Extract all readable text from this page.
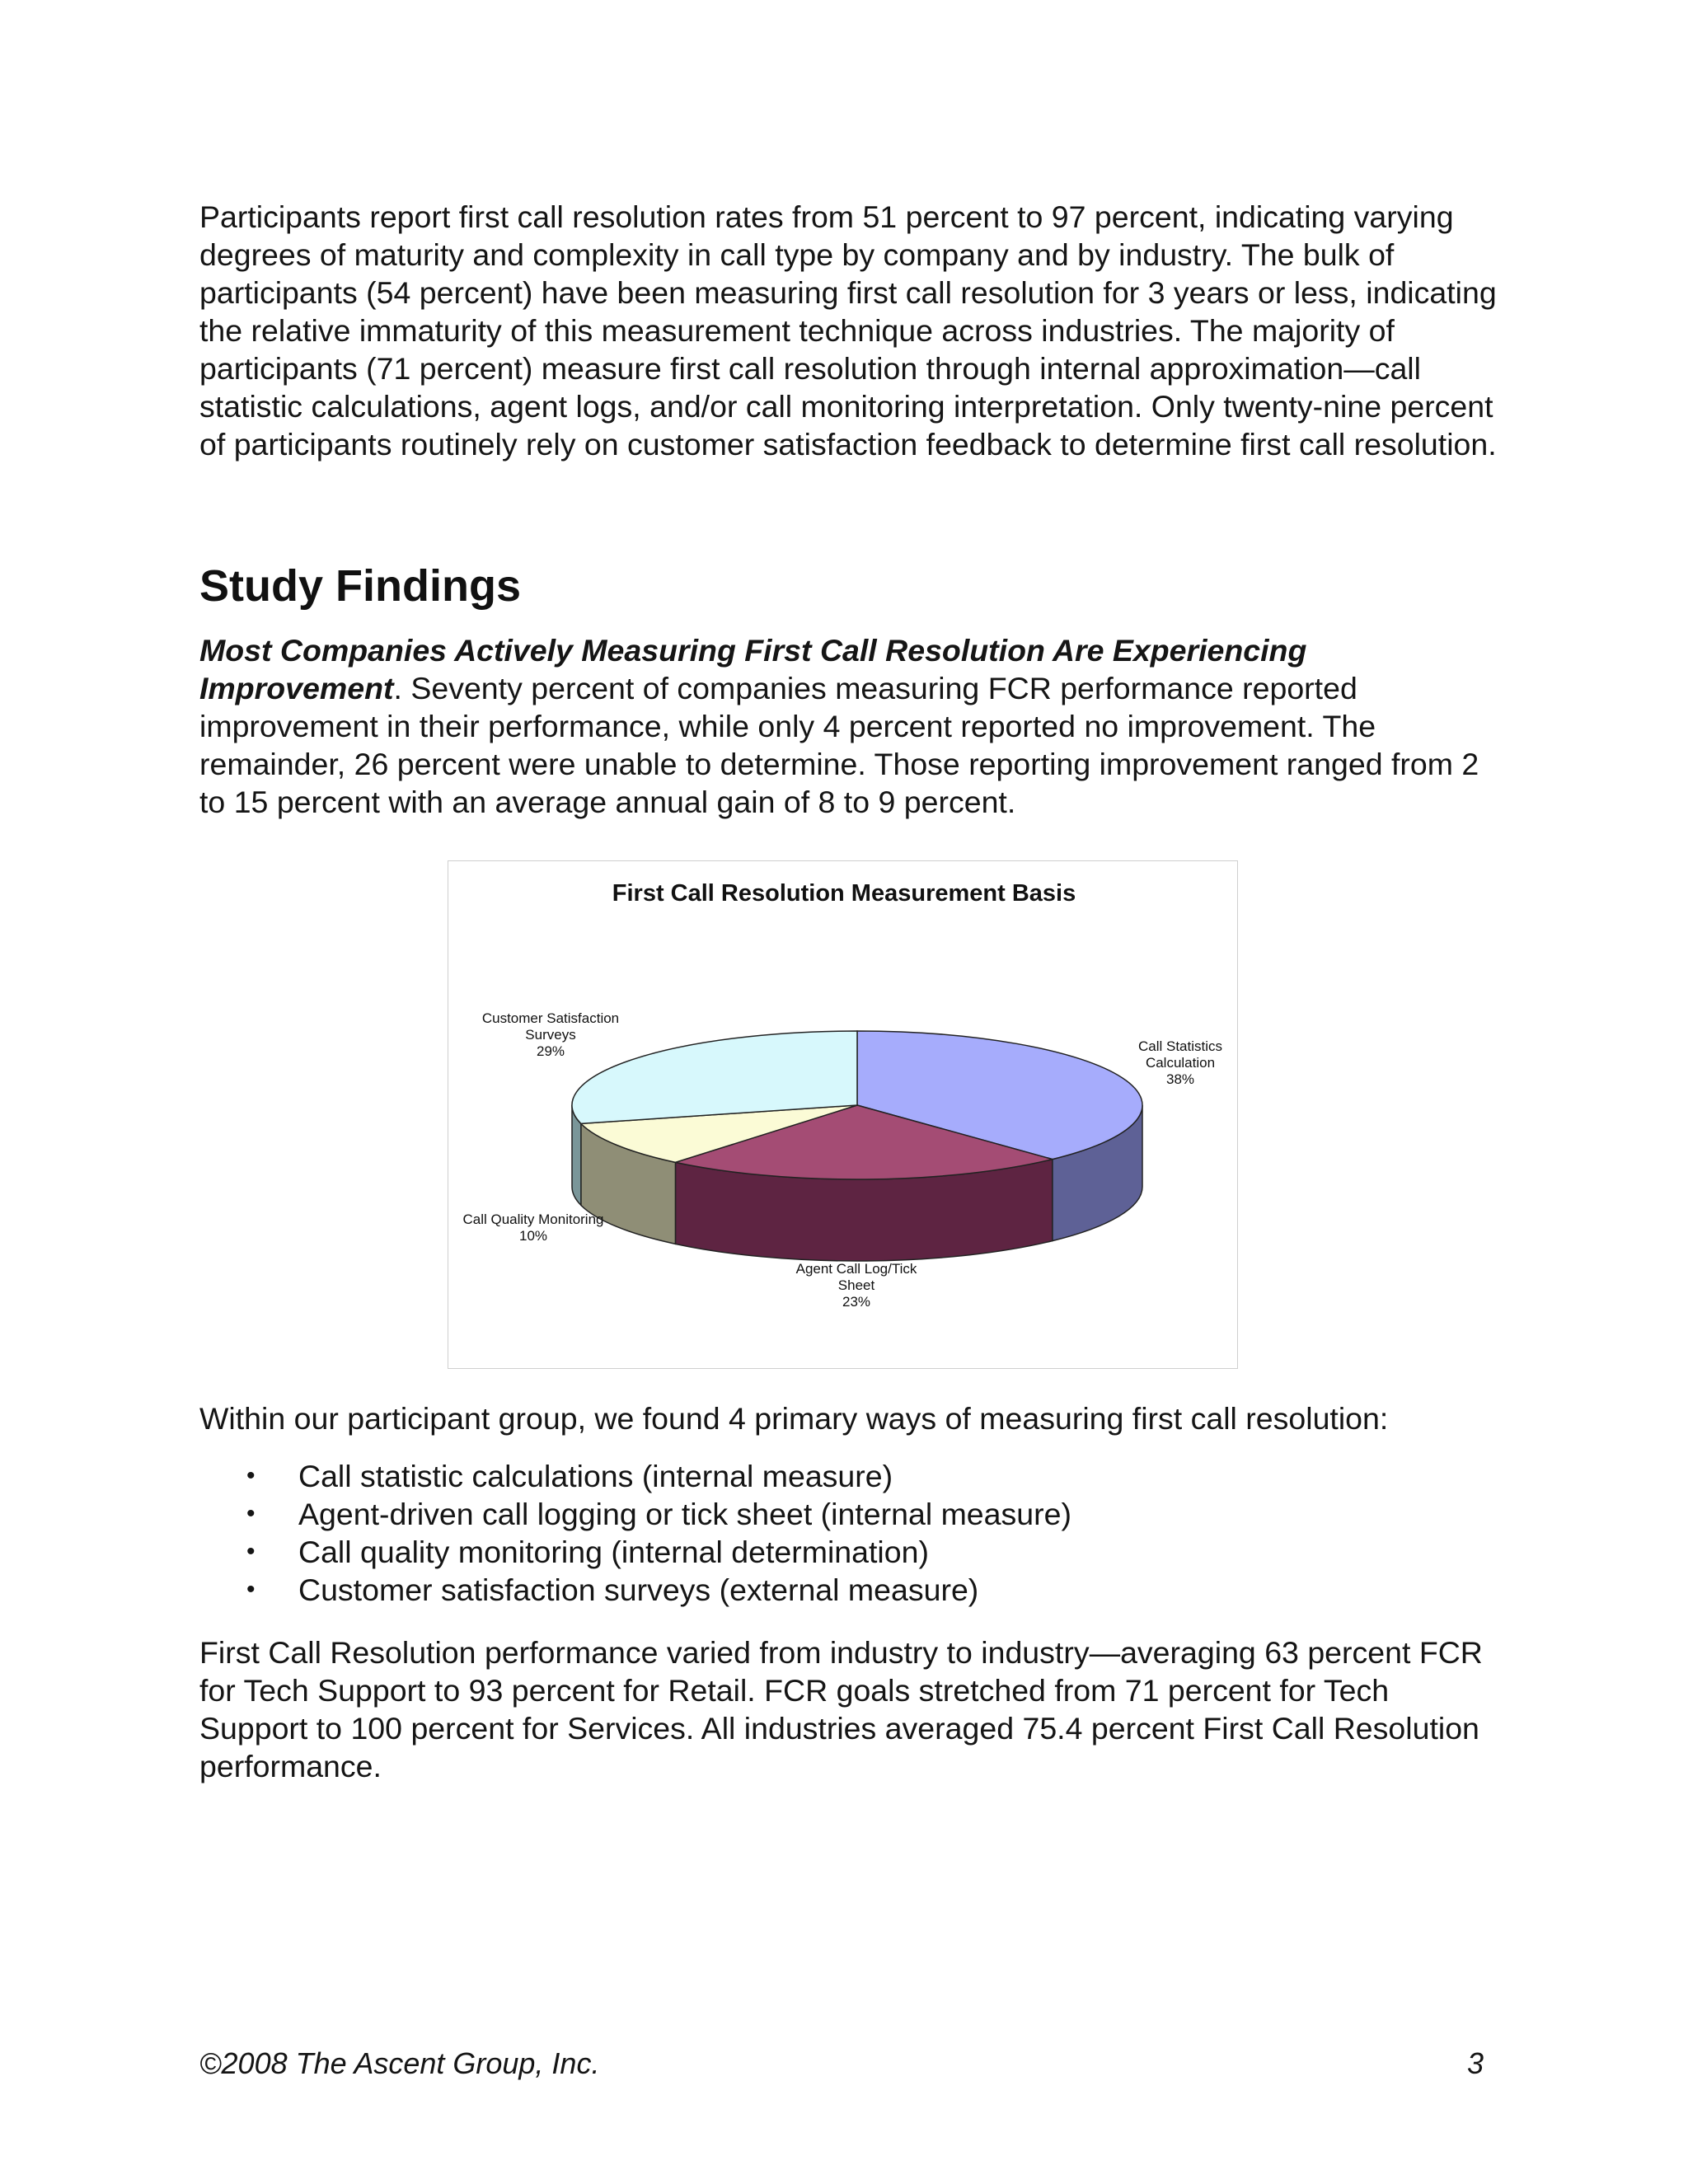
Participants report first call resolution rates from 51 percent to 97 percent, indicating varying degrees of maturity and complexity in call type by company and by industry. The bulk of participants (54 percent) have been measuring first call resolution for 3 years or less, indicating the relative immaturity of this measurement technique across industries. The majority of participants (71 percent) measure first call resolution through internal approximation—call statistic calculations, agent logs, and/or call monitoring interpretation. Only twenty-nine percent of participants routinely rely on customer satisfaction feedback to determine first call resolution.

Study Findings

Most Companies Actively Measuring First Call Resolution Are Experiencing Improvement. Seventy percent of companies measuring FCR performance reported improvement in their performance, while only 4 percent reported no improvement. The remainder, 26 percent were unable to determine. Those reporting improvement ranged from 2 to 15 percent with an average annual gain of 8 to 9 percent.

First Call Resolution Measurement Basis
Call Statistics Calculation 38%
Agent Call Log/Tick Sheet 23%
Call Quality Monitoring 10%
Customer Satisfaction Surveys 29%

Within our participant group, we found 4 primary ways of measuring first call resolution:

• Call statistic calculations (internal measure)
• Agent-driven call logging or tick sheet (internal measure)
• Call quality monitoring (internal determination)
• Customer satisfaction surveys (external measure)

First Call Resolution performance varied from industry to industry—averaging 63 percent FCR for Tech Support to 93 percent for Retail. FCR goals stretched from 71 percent for Tech Support to 100 percent for Services. All industries averaged 75.4 percent First Call Resolution performance.

©2008 The Ascent Group, Inc.	3
